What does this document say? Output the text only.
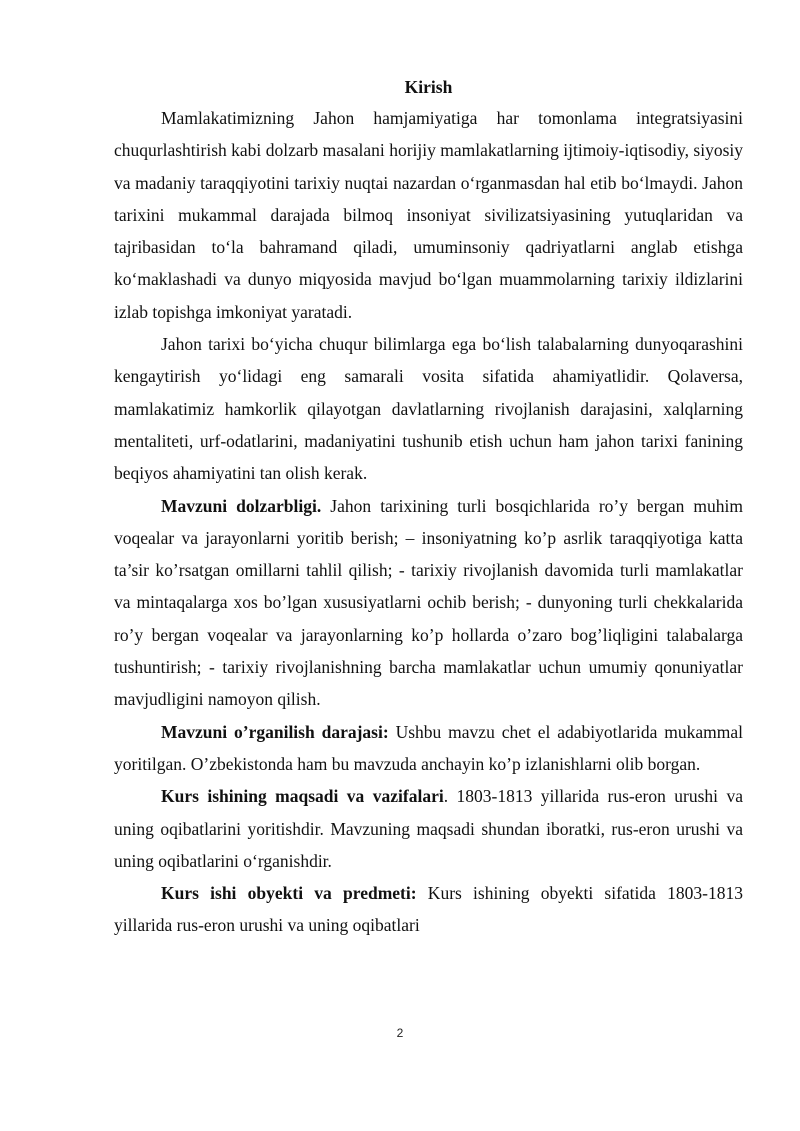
Kirish

Mamlakatimizning Jahon hamjamiyatiga har tomonlama integratsiyasini chuqurlashtirish kabi dolzarb masalani horijiy mamlakatlarning ijtimoiy-iqtisodiy, siyosiy va madaniy taraqqiyotini tarixiy nuqtai nazardan o‘rganmasdan hal etib bo‘lmaydi. Jahon tarixini mukammal darajada bilmoq insoniyat sivilizatsiyasining yutuqlaridan va tajribasidan to‘la bahramand qiladi, umuminsoniy qadriyatlarni anglab etishga ko‘maklashadi va dunyo miqyosida mavjud bo‘lgan muammolarning tarixiy ildizlarini izlab topishga imkoniyat yaratadi.

Jahon tarixi bo‘yicha chuqur bilimlarga ega bo‘lish talabalarning dunyoqarashini kengaytirish yo‘lidagi eng samarali vosita sifatida ahamiyatlidir. Qolaversa, mamlakatimiz hamkorlik qilayotgan davlatlarning rivojlanish darajasini, xalqlarning mentaliteti, urf-odatlarini, madaniyatini tushunib etish uchun ham jahon tarixi fanining beqiyos ahamiyatini tan olish kerak.

Mavzuni dolzarbligi. Jahon tarixining turli bosqichlarida ro’y bergan muhim voqealar va jarayonlarni yoritib berish; – insoniyatning ko’p asrlik taraqqiyotiga katta ta’sir ko’rsatgan omillarni tahlil qilish; - tarixiy rivojlanish davomida turli mamlakatlar va mintaqalarga xos bo’lgan xususiyatlarni ochib berish; - dunyoning turli chekkalarida ro’y bergan voqealar va jarayonlarning ko’p hollarda o’zaro bog’liqligini talabalarga tushuntirish; - tarixiy rivojlanishning barcha mamlakatlar uchun umumiy qonuniyatlar mavjudligini namoyon qilish.

Mavzuni o’rganilish darajasi: Ushbu mavzu chet el adabiyotlarida mukammal yoritilgan. O’zbekistonda ham bu mavzuda anchayin ko’p izlanishlarni olib borgan.

Kurs ishining maqsadi va vazifalari. 1803-1813 yillarida rus-eron urushi va uning oqibatlarini yoritishdir. Mavzuning maqsadi shundan iboratki, rus-eron urushi va uning oqibatlarini o‘rganishdir.

Kurs ishi obyekti va predmeti: Kurs ishining obyekti sifatida 1803-1813 yillarida rus-eron urushi va uning oqibatlari

2
